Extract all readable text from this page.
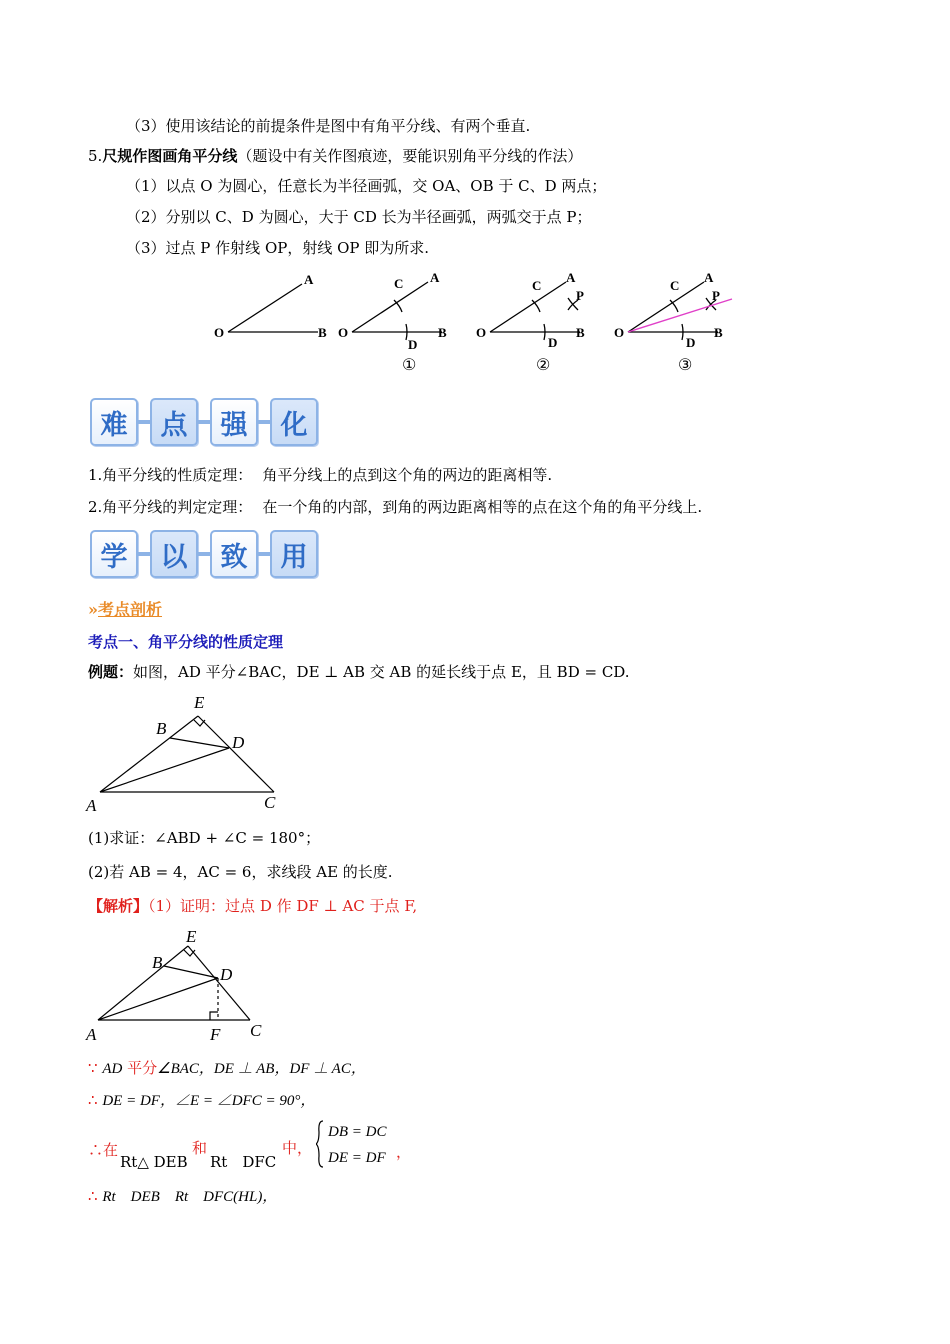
（3）使用该结论的前提条件是图中有角平分线、有两个垂直.
5.尺规作图画角平分线（题设中有关作图痕迹，要能识别角平分线的作法）
（1）以点 O 为圆心，任意长为半径画弧，交 OA、OB 于 C、D 两点；
（2）分别以 C、D 为圆心，大于 CD 长为半径画弧，两弧交于点 P；
（3）过点 P 作射线 OP，射线 OP 即为所求.
O
A
B O
A
B
C
D
O
A
B
C
D
P
O
A
B
C
D
P
①	②	③
难	点	强	化
1.角平分线的性质定理： 角平分线上的点到这个角的两边的距离相等.
2.角平分线的判定定理： 在一个角的内部，到角的两边距离相等的点在这个角的角平分线上.
学	以	致	用
»考点剖析
考点一、角平分线的性质定理
例题：如图，AD 平分∠BAC，DE ⊥ AB 交 AB 的延长线于点 E，且 BD = CD.
A
B
C
D
E
(1)求证：∠ABD + ∠C = 180°；
(2)若 AB = 4，AC = 6，求线段 AE 的长度.
【解析】（1）证明：过点 D 作 DF ⊥ AC 于点 F,
A
B
C
D
E
F
∵ AD 平分∠BAC，DE ⊥ AB，DF ⊥ AC，
∴ DE = DF，∠E = ∠DFC = 90°，
∴在
Rt△ DEB
和
Rt　DFC
中，
DB = DC
DE = DF ，
∴ Rt　DEB　Rt　DFC(HL)，
